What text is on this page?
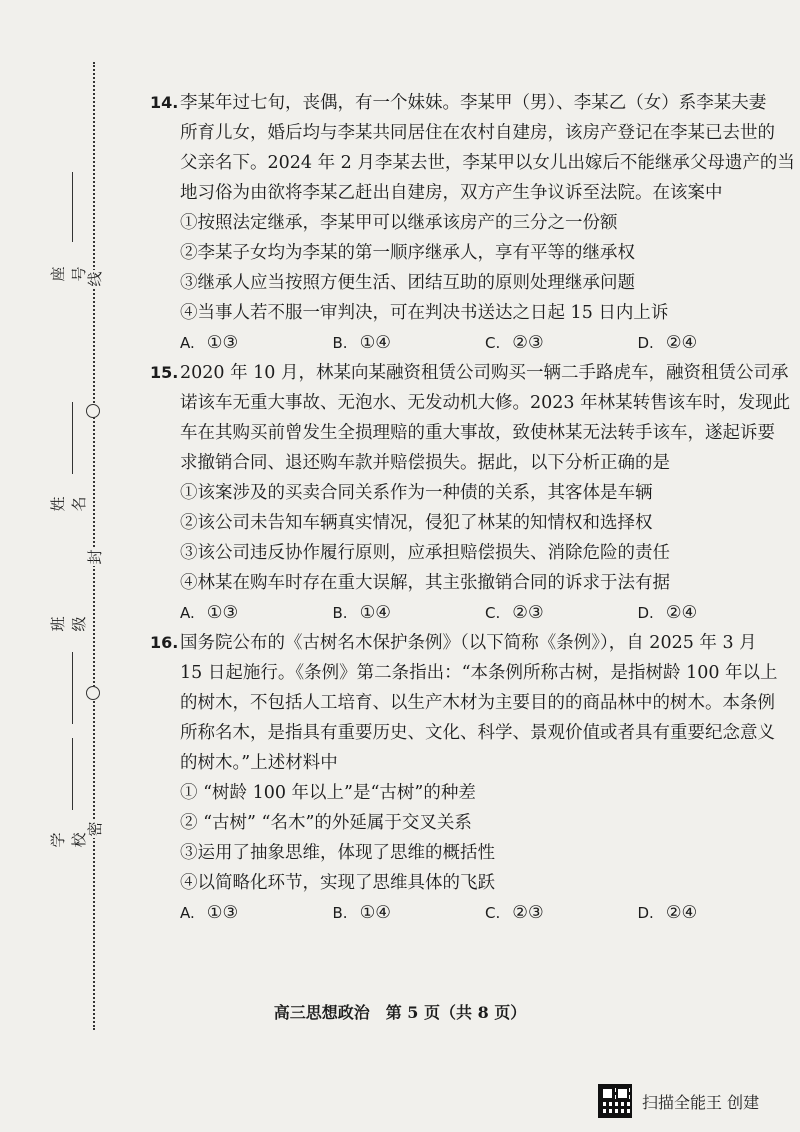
线
封
密
座号
姓名
班级
学校
14. 李某年过七旬，丧偶，有一个妹妹。李某甲（男）、李某乙（女）系李某夫妻
所育儿女，婚后均与李某共同居住在农村自建房，该房产登记在李某已去世的
父亲名下。2024 年 2 月李某去世，李某甲以女儿出嫁后不能继承父母遗产的当
地习俗为由欲将李某乙赶出自建房，双方产生争议诉至法院。在该案中
①按照法定继承，李某甲可以继承该房产的三分之一份额
②李某子女均为李某的第一顺序继承人，享有平等的继承权
③继承人应当按照方便生活、团结互助的原则处理继承问题
④当事人若不服一审判决，可在判决书送达之日起 15 日内上诉
A. ①③	B. ①④	C. ②③	D. ②④
15. 2020 年 10 月，林某向某融资租赁公司购买一辆二手路虎车，融资租赁公司承
诺该车无重大事故、无泡水、无发动机大修。2023 年林某转售该车时，发现此
车在其购买前曾发生全损理赔的重大事故，致使林某无法转手该车，遂起诉要
求撤销合同、退还购车款并赔偿损失。据此，以下分析正确的是
①该案涉及的买卖合同关系作为一种债的关系，其客体是车辆
②该公司未告知车辆真实情况，侵犯了林某的知情权和选择权
③该公司违反协作履行原则，应承担赔偿损失、消除危险的责任
④林某在购车时存在重大误解，其主张撤销合同的诉求于法有据
A. ①③	B. ①④	C. ②③	D. ②④
16. 国务院公布的《古树名木保护条例》（以下简称《条例》），自 2025 年 3 月
15 日起施行。《条例》第二条指出：“本条例所称古树，是指树龄 100 年以上
的树木，不包括人工培育、以生产木材为主要目的的商品林中的树木。本条例
所称名木，是指具有重要历史、文化、科学、景观价值或者具有重要纪念意义
的树木。”上述材料中
① “树龄 100 年以上”是“古树”的种差
② “古树” “名木”的外延属于交叉关系
③运用了抽象思维，体现了思维的概括性
④以简略化环节，实现了思维具体的飞跃
A. ①③	B. ①④	C. ②③	D. ②④
高三思想政治　第 5 页（共 8 页）
扫描全能王 创建
